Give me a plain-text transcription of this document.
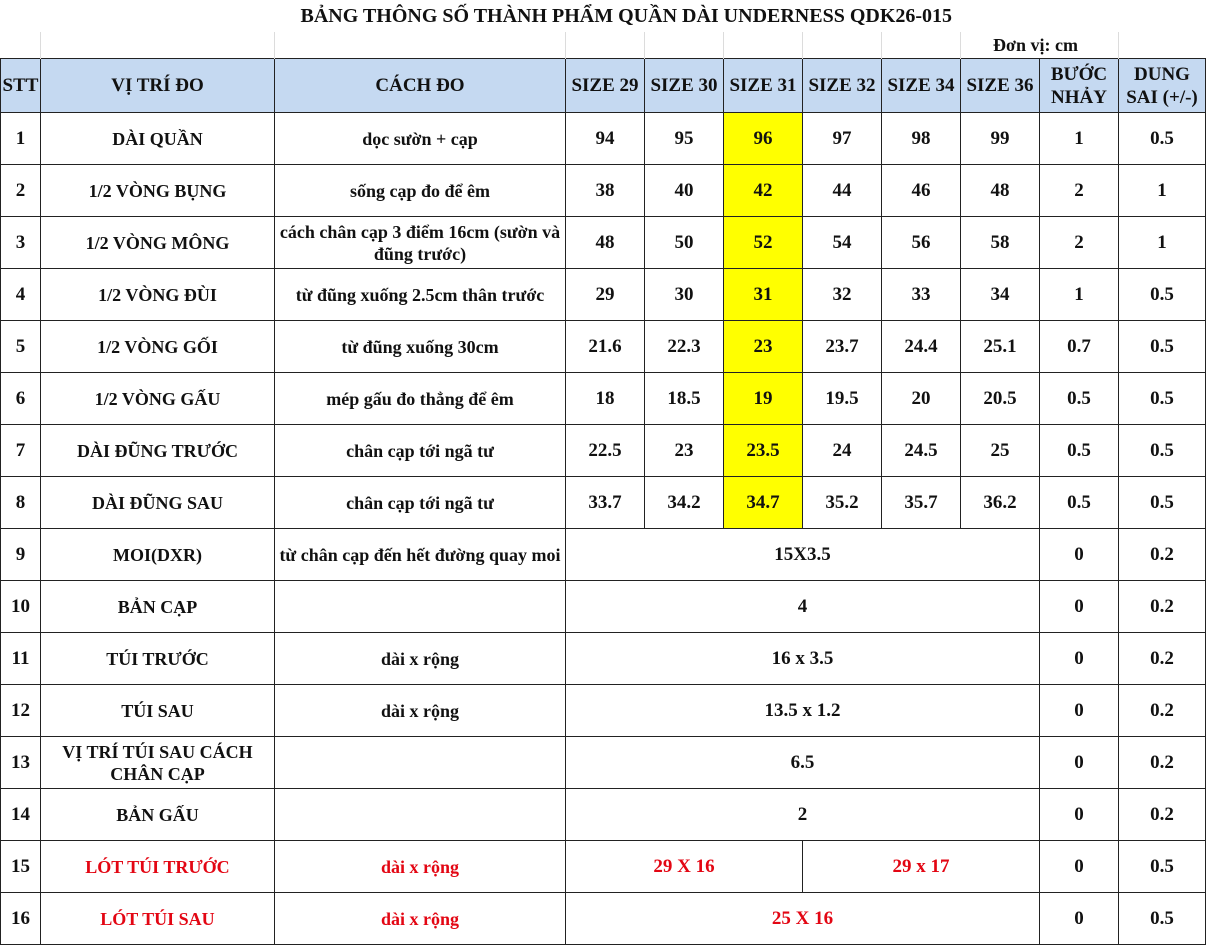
	BẢNG THÔNG SỐ THÀNH PHẨM QUẦN DÀI UNDERNESS QDK26-015									
								Đơn vị: cm		
STT	VỊ TRÍ ĐO	CÁCH ĐO	SIZE 29	SIZE 30	SIZE 31	SIZE 32	SIZE 34	SIZE 36	BƯỚC NHẢY	DUNG SAI (+/-)
1	DÀI QUẦN	dọc sườn + cạp	94	95	96	97	98	99	1	0.5
2	1/2 VÒNG BỤNG	sống cạp đo để êm	38	40	42	44	46	48	2	1
3	1/2 VÒNG MÔNG	cách chân cạp 3 điểm 16cm (sườn và đũng trước)	48	50	52	54	56	58	2	1
4	1/2 VÒNG ĐÙI	từ đũng xuống 2.5cm thân trước	29	30	31	32	33	34	1	0.5
5	1/2 VÒNG GỐI	từ đũng xuống 30cm	21.6	22.3	23	23.7	24.4	25.1	0.7	0.5
6	1/2 VÒNG GẤU	mép gấu đo thẳng để êm	18	18.5	19	19.5	20	20.5	0.5	0.5
7	DÀI ĐŨNG TRƯỚC	chân cạp tới ngã tư	22.5	23	23.5	24	24.5	25	0.5	0.5
8	DÀI ĐŨNG SAU	chân cạp tới ngã tư	33.7	34.2	34.7	35.2	35.7	36.2	0.5	0.5
9	MOI(DXR)	từ chân cạp đến hết đường quay moi	15X3.5						0	0.2
10	BẢN CẠP		4						0	0.2
11	TÚI TRƯỚC	dài x rộng	16 x 3.5						0	0.2
12	TÚI SAU	dài x rộng	13.5 x 1.2						0	0.2
13	VỊ TRÍ TÚI SAU CÁCH CHÂN CẠP		6.5						0	0.2
14	BẢN GẤU		2						0	0.2
15	LÓT TÚI TRƯỚC	dài x rộng	29 X 16			29 x 17			0	0.5
16	LÓT TÚI SAU	dài x rộng	25 X 16						0	0.5
